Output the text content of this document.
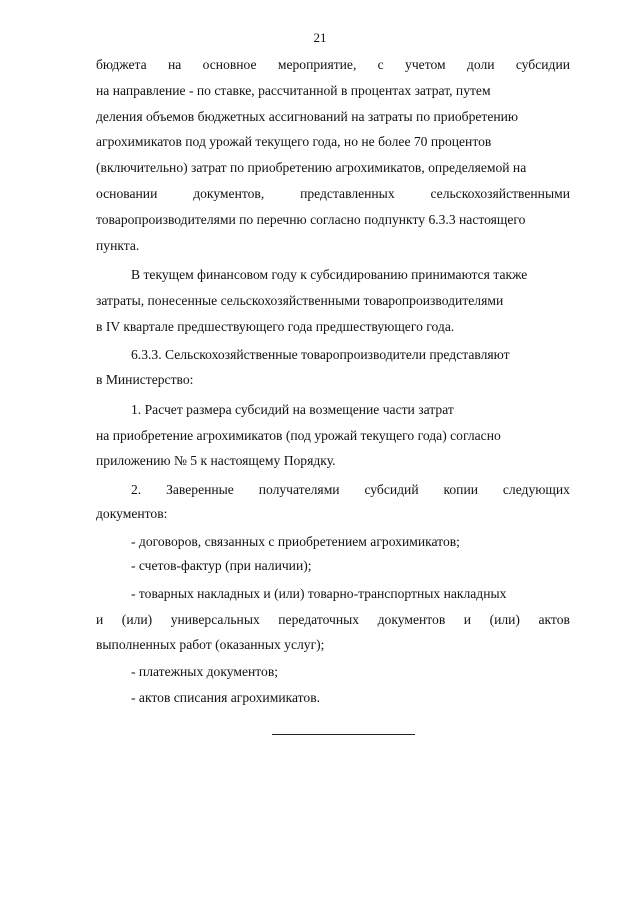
21
бюджета на основное мероприятие, с учетом доли субсидии
на направление - по ставке, рассчитанной в процентах затрат, путем
деления объемов бюджетных ассигнований на затраты по приобретению
агрохимикатов под урожай текущего года, но не более 70 процентов
(включительно) затрат по приобретению агрохимикатов, определяемой на
основании	документов,	представленных	сельскохозяйственными
товаропроизводителями по перечню согласно подпункту 6.3.3 настоящего
пункта.
В текущем финансовом году к субсидированию принимаются также
затраты, понесенные сельскохозяйственными товаропроизводителями
в IV квартале предшествующего года предшествующего года.
6.3.3. Сельскохозяйственные товаропроизводители представляют
в Министерство:
1. Расчет размера субсидий на возмещение части затрат
на приобретение агрохимикатов (под урожай текущего года) согласно
приложению № 5 к настоящему Порядку.
2. Заверенные получателями субсидий копии следующих
документов:
- договоров, связанных с приобретением агрохимикатов;
- счетов-фактур (при наличии);
- товарных накладных и (или) товарно-транспортных накладных
и (или) универсальных передаточных документов и (или) актов
выполненных работ (оказанных услуг);
- платежных документов;
- актов списания агрохимикатов.
